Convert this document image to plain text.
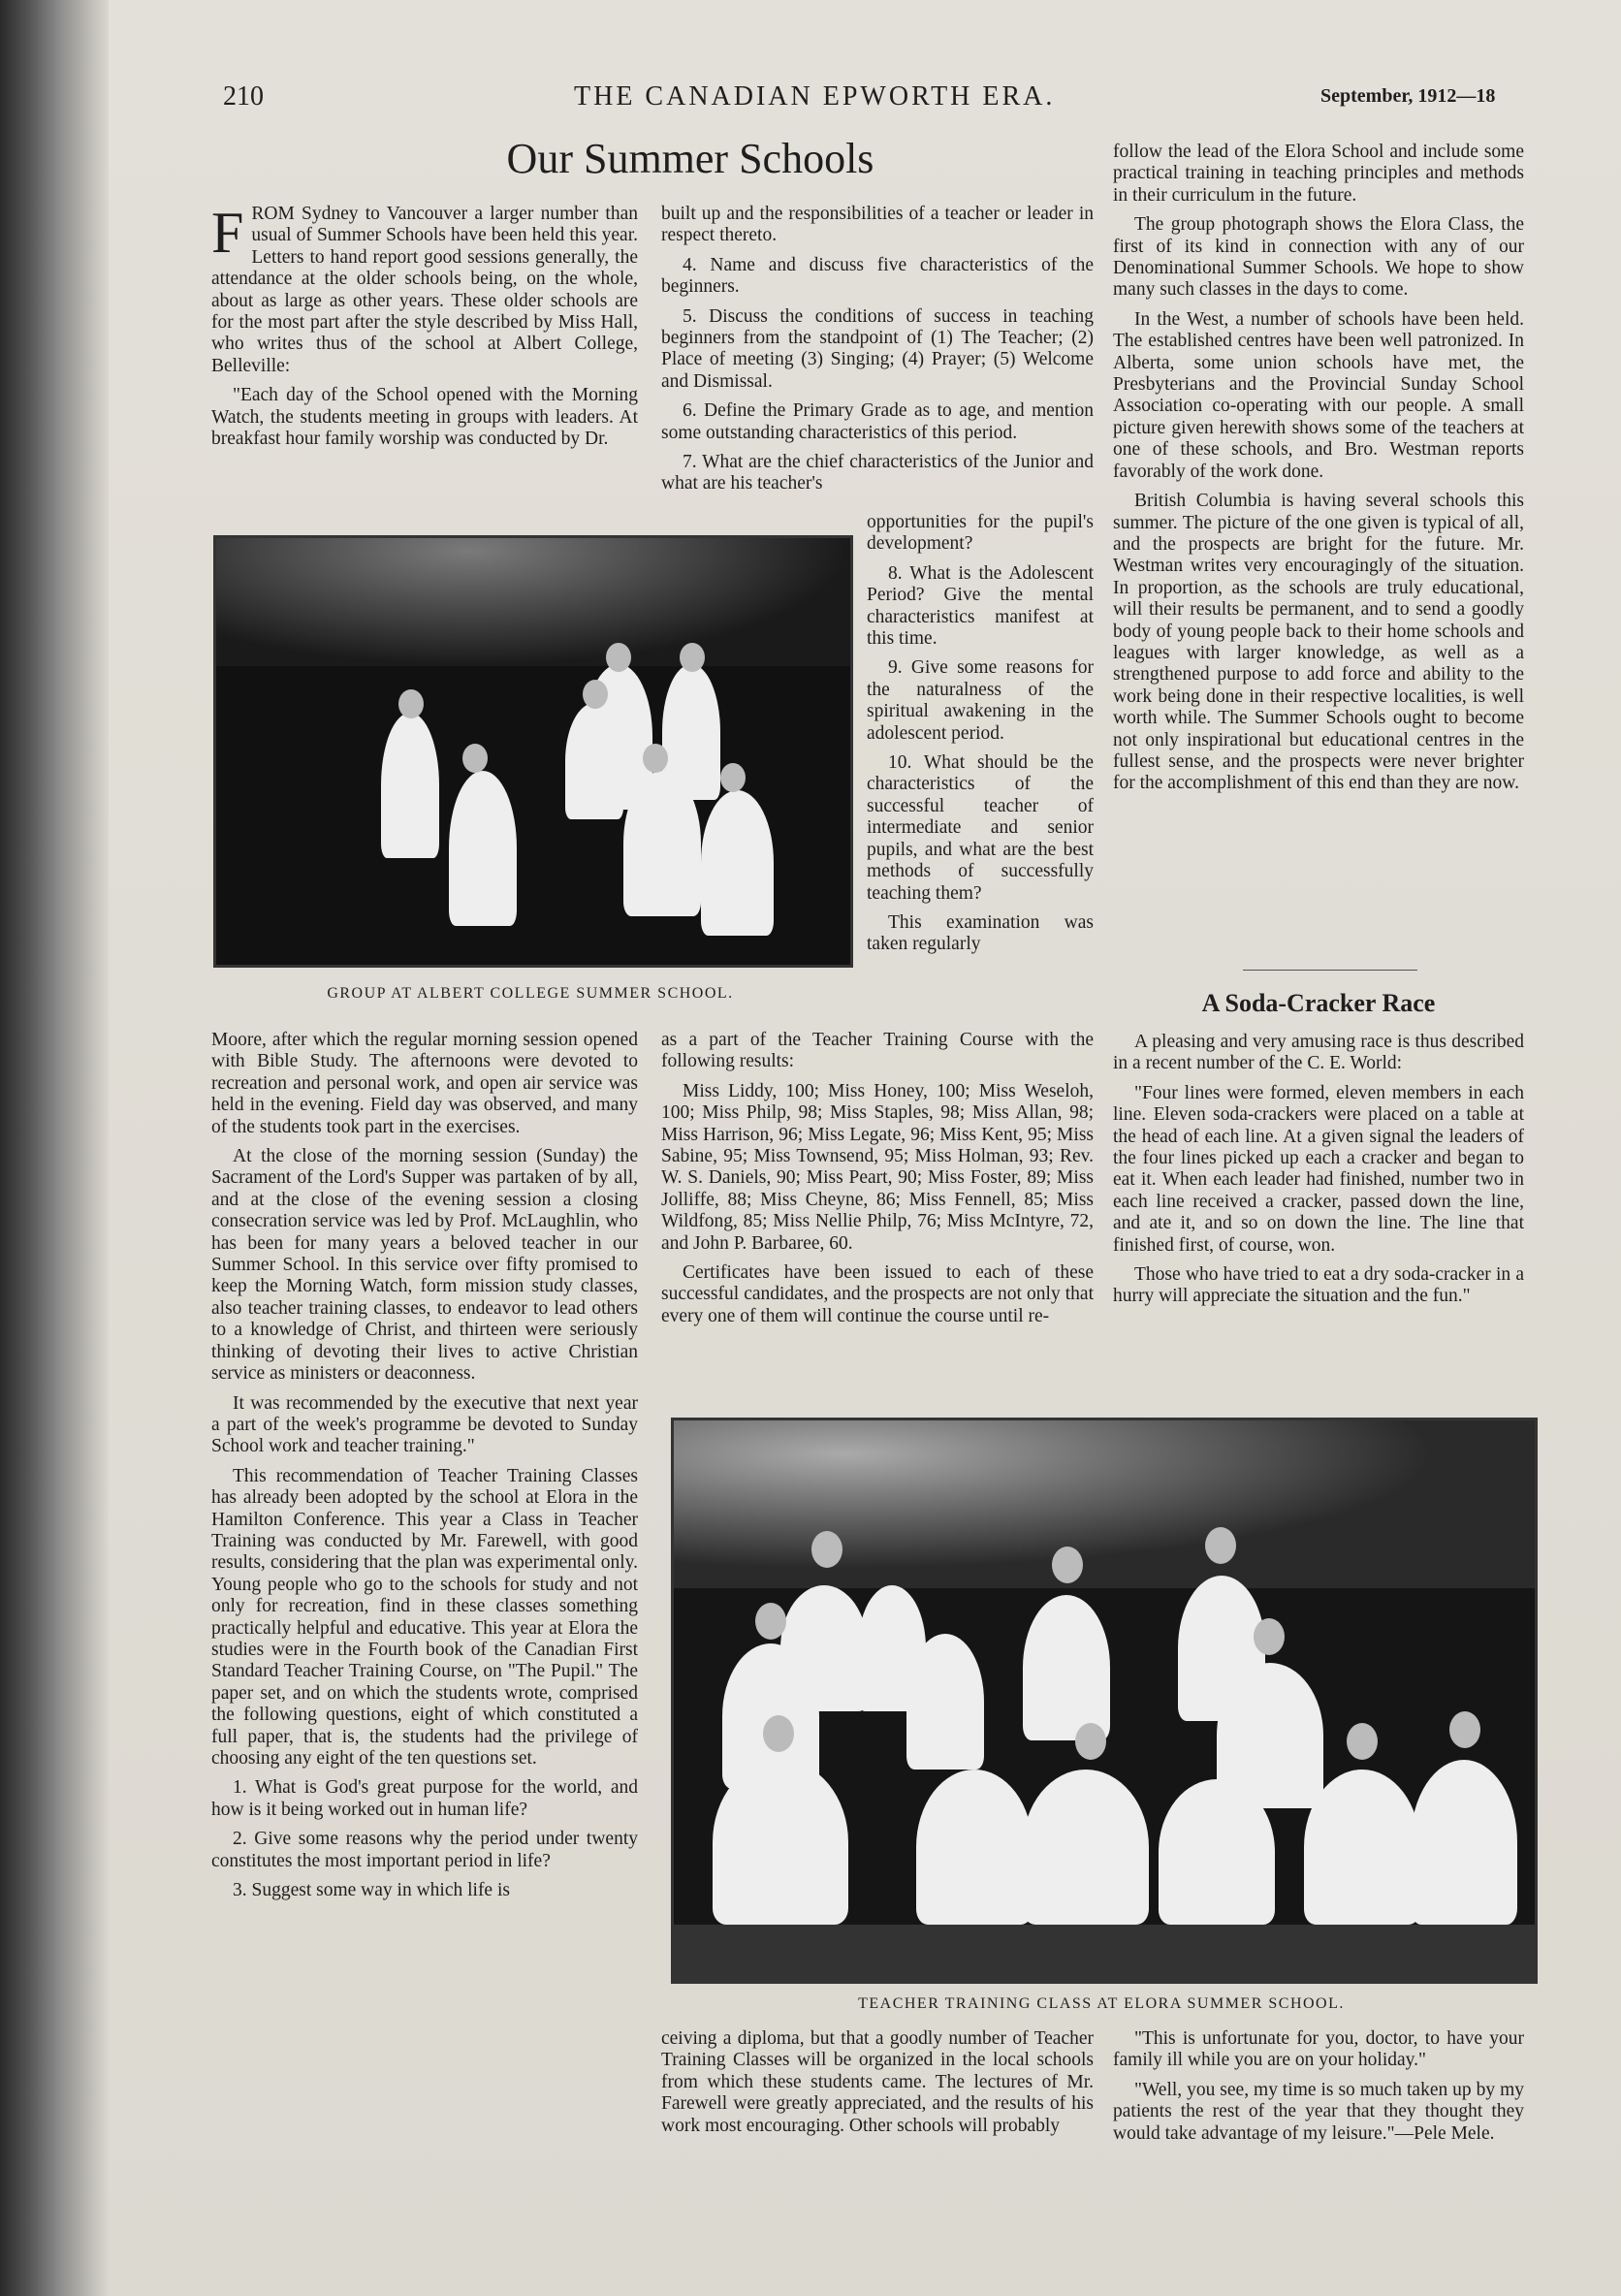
210	THE CANADIAN EPWORTH ERA.	September, 1912—18
Our Summer Schools

FROM Sydney to Vancouver a larger number than usual of Summer Schools have been held this year. Letters to hand report good sessions generally, the attendance at the older schools being, on the whole, about as large as other years. These older schools are for the most part after the style described by Miss Hall, who writes thus of the school at Albert College, Belleville:

"Each day of the School opened with the Morning Watch, the students meeting in groups with leaders. At breakfast hour family worship was conducted by Dr.

built up and the responsibilities of a teacher or leader in respect thereto.

4. Name and discuss five characteristics of the beginners.

5. Discuss the conditions of success in teaching beginners from the standpoint of (1) The Teacher; (2) Place of meeting (3) Singing; (4) Prayer; (5) Welcome and Dismissal.

6. Define the Primary Grade as to age, and mention some outstanding characteristics of this period.

7. What are the chief characteristics of the Junior and what are his teacher's

GROUP AT ALBERT COLLEGE SUMMER SCHOOL.

opportunities for the pupil's development?

8. What is the Adolescent Period? Give the mental characteristics manifest at this time.

9. Give some reasons for the naturalness of the spiritual awakening in the adolescent period.

10. What should be the characteristics of the successful teacher of intermediate and senior pupils, and what are the best methods of successfully teaching them?

This examination was taken regularly

Moore, after which the regular morning session opened with Bible Study. The afternoons were devoted to recreation and personal work, and open air service was held in the evening. Field day was observed, and many of the students took part in the exercises.

At the close of the morning session (Sunday) the Sacrament of the Lord's Supper was partaken of by all, and at the close of the evening session a closing consecration service was led by Prof. McLaughlin, who has been for many years a beloved teacher in our Summer School. In this service over fifty promised to keep the Morning Watch, form mission study classes, also teacher training classes, to endeavor to lead others to a knowledge of Christ, and thirteen were seriously thinking of devoting their lives to active Christian service as ministers or deaconness.

It was recommended by the executive that next year a part of the week's programme be devoted to Sunday School work and teacher training."

This recommendation of Teacher Training Classes has already been adopted by the school at Elora in the Hamilton Conference. This year a Class in Teacher Training was conducted by Mr. Farewell, with good results, considering that the plan was experimental only. Young people who go to the schools for study and not only for recreation, find in these classes something practically helpful and educative. This year at Elora the studies were in the Fourth book of the Canadian First Standard Teacher Training Course, on "The Pupil." The paper set, and on which the students wrote, comprised the following questions, eight of which constituted a full paper, that is, the students had the privilege of choosing any eight of the ten questions set.

1. What is God's great purpose for the world, and how is it being worked out in human life?

2. Give some reasons why the period under twenty constitutes the most important period in life?

3. Suggest some way in which life is

as a part of the Teacher Training Course with the following results:

Miss Liddy, 100; Miss Honey, 100; Miss Weseloh, 100; Miss Philp, 98; Miss Staples, 98; Miss Allan, 98; Miss Harrison, 96; Miss Legate, 96; Miss Kent, 95; Miss Sabine, 95; Miss Townsend, 95; Miss Holman, 93; Rev. W. S. Daniels, 90; Miss Peart, 90; Miss Foster, 89; Miss Jolliffe, 88; Miss Cheyne, 86; Miss Fennell, 85; Miss Wildfong, 85; Miss Nellie Philp, 76; Miss McIntyre, 72, and John P. Barbaree, 60.

Certificates have been issued to each of these successful candidates, and the prospects are not only that every one of them will continue the course until re-

follow the lead of the Elora School and include some practical training in teaching principles and methods in their curriculum in the future.

The group photograph shows the Elora Class, the first of its kind in connection with any of our Denominational Summer Schools. We hope to show many such classes in the days to come.

In the West, a number of schools have been held. The established centres have been well patronized. In Alberta, some union schools have met, the Presbyterians and the Provincial Sunday School Association co-operating with our people. A small picture given herewith shows some of the teachers at one of these schools, and Bro. Westman reports favorably of the work done.

British Columbia is having several schools this summer. The picture of the one given is typical of all, and the prospects are bright for the future. Mr. Westman writes very encouragingly of the situation. In proportion, as the schools are truly educational, will their results be permanent, and to send a goodly body of young people back to their home schools and leagues with larger knowledge, as well as a strengthened purpose to add force and ability to the work being done in their respective localities, is well worth while. The Summer Schools ought to become not only inspirational but educational centres in the fullest sense, and the prospects were never brighter for the accomplishment of this end than they are now.

A Soda-Cracker Race

A pleasing and very amusing race is thus described in a recent number of the C. E. World:

"Four lines were formed, eleven members in each line. Eleven soda-crackers were placed on a table at the head of each line. At a given signal the leaders of the four lines picked up each a cracker and began to eat it. When each leader had finished, number two in each line received a cracker, passed down the line, and ate it, and so on down the line. The line that finished first, of course, won.

Those who have tried to eat a dry soda-cracker in a hurry will appreciate the situation and the fun."

TEACHER TRAINING CLASS AT ELORA SUMMER SCHOOL.

ceiving a diploma, but that a goodly number of Teacher Training Classes will be organized in the local schools from which these students came. The lectures of Mr. Farewell were greatly appreciated, and the results of his work most encouraging. Other schools will probably

"This is unfortunate for you, doctor, to have your family ill while you are on your holiday."

"Well, you see, my time is so much taken up by my patients the rest of the year that they thought they would take advantage of my leisure."—Pele Mele.
